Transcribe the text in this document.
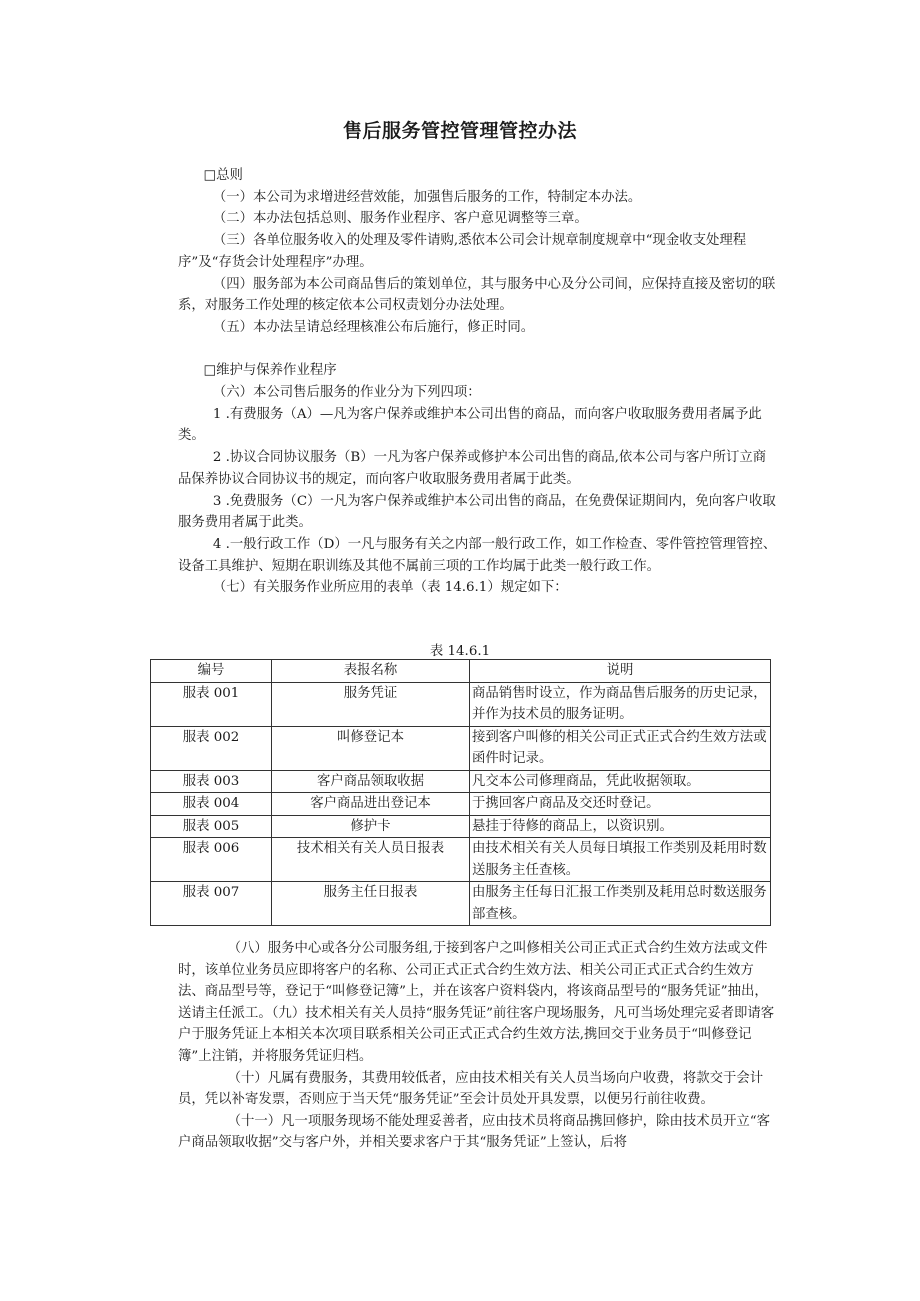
售后服务管控管理管控办法

□总则

（一）本公司为求增进经营效能，加强售后服务的工作，特制定本办法。

（二）本办法包括总则、服务作业程序、客户意见调整等三章。

（三）各单位服务收入的处理及零件请购,悉依本公司会计规章制度规章中“现金收支处理程序”及“存货会计处理程序”办理。

（四）服务部为本公司商品售后的策划单位，其与服务中心及分公司间，应保持直接及密切的联系，对服务工作处理的核定依本公司权责划分办法处理。

（五）本办法呈请总经理核准公布后施行，修正时同。

□维护与保养作业程序

（六）本公司售后服务的作业分为下列四项：

1 .有费服务（A）—凡为客户保养或维护本公司出售的商品，而向客户收取服务费用者属予此类。

2 .协议合同协议服务（B）一凡为客户保养或修护本公司出售的商品,依本公司与客户所订立商品保养协议合同协议书的规定，而向客户收取服务费用者属于此类。

3 .免费服务（C）一凡为客户保养或维护本公司出售的商品，在免费保证期间内，免向客户收取服务费用者属于此类。

4 .一般行政工作（D）一凡与服务有关之内部一般行政工作，如工作检查、零件管控管理管控、设备工具维护、短期在职训练及其他不属前三项的工作均属于此类一般行政工作。

（七）有关服务作业所应用的表单（表 14.6.1）规定如下：

表 14.6.1
编号	表报名称	说明
服表 001	服务凭证	商品销售时设立，作为商品售后服务的历史记录，并作为技术员的服务证明。
服表 002	叫修登记本	接到客户叫修的相关公司正式正式合约生效方法或函件时记录。
服表 003	客户商品领取收据	凡交本公司修理商品，凭此收据领取。
服表 004	客户商品进出登记本	于携回客户商品及交还时登记。
服表 005	修护卡	悬挂于待修的商品上，以资识别。
服表 006	技术相关有关人员日报表	由技术相关有关人员每日填报工作类别及耗用时数送服务主任查核。
服表 007	服务主任日报表	由服务主任每日汇报工作类别及耗用总时数送服务部查核。

（八）服务中心或各分公司服务组,于接到客户之叫修相关公司正式正式合约生效方法或文件时，该单位业务员应即将客户的名称、公司正式正式合约生效方法、相关公司正式正式合约生效方法、商品型号等，登记于“叫修登记簿”上，并在该客户资料袋内，将该商品型号的“服务凭证”抽出，送请主任派工。（九）技术相关有关人员持“服务凭证”前往客户现场服务，凡可当场处理完妥者即请客户于服务凭证上本相关本次项目联系相关公司正式正式合约生效方法,携回交于业务员于“叫修登记簿”上注销，并将服务凭证归档。

（十）凡属有费服务，其费用较低者，应由技术相关有关人员当场向户收费，将款交于会计员，凭以补寄发票，否则应于当天凭“服务凭证”至会计员处开具发票，以便另行前往收费。

（十一）凡一项服务现场不能处理妥善者，应由技术员将商品携回修护，除由技术员开立“客户商品领取收据”交与客户外，并相关要求客户于其“服务凭证”上签认，后将
